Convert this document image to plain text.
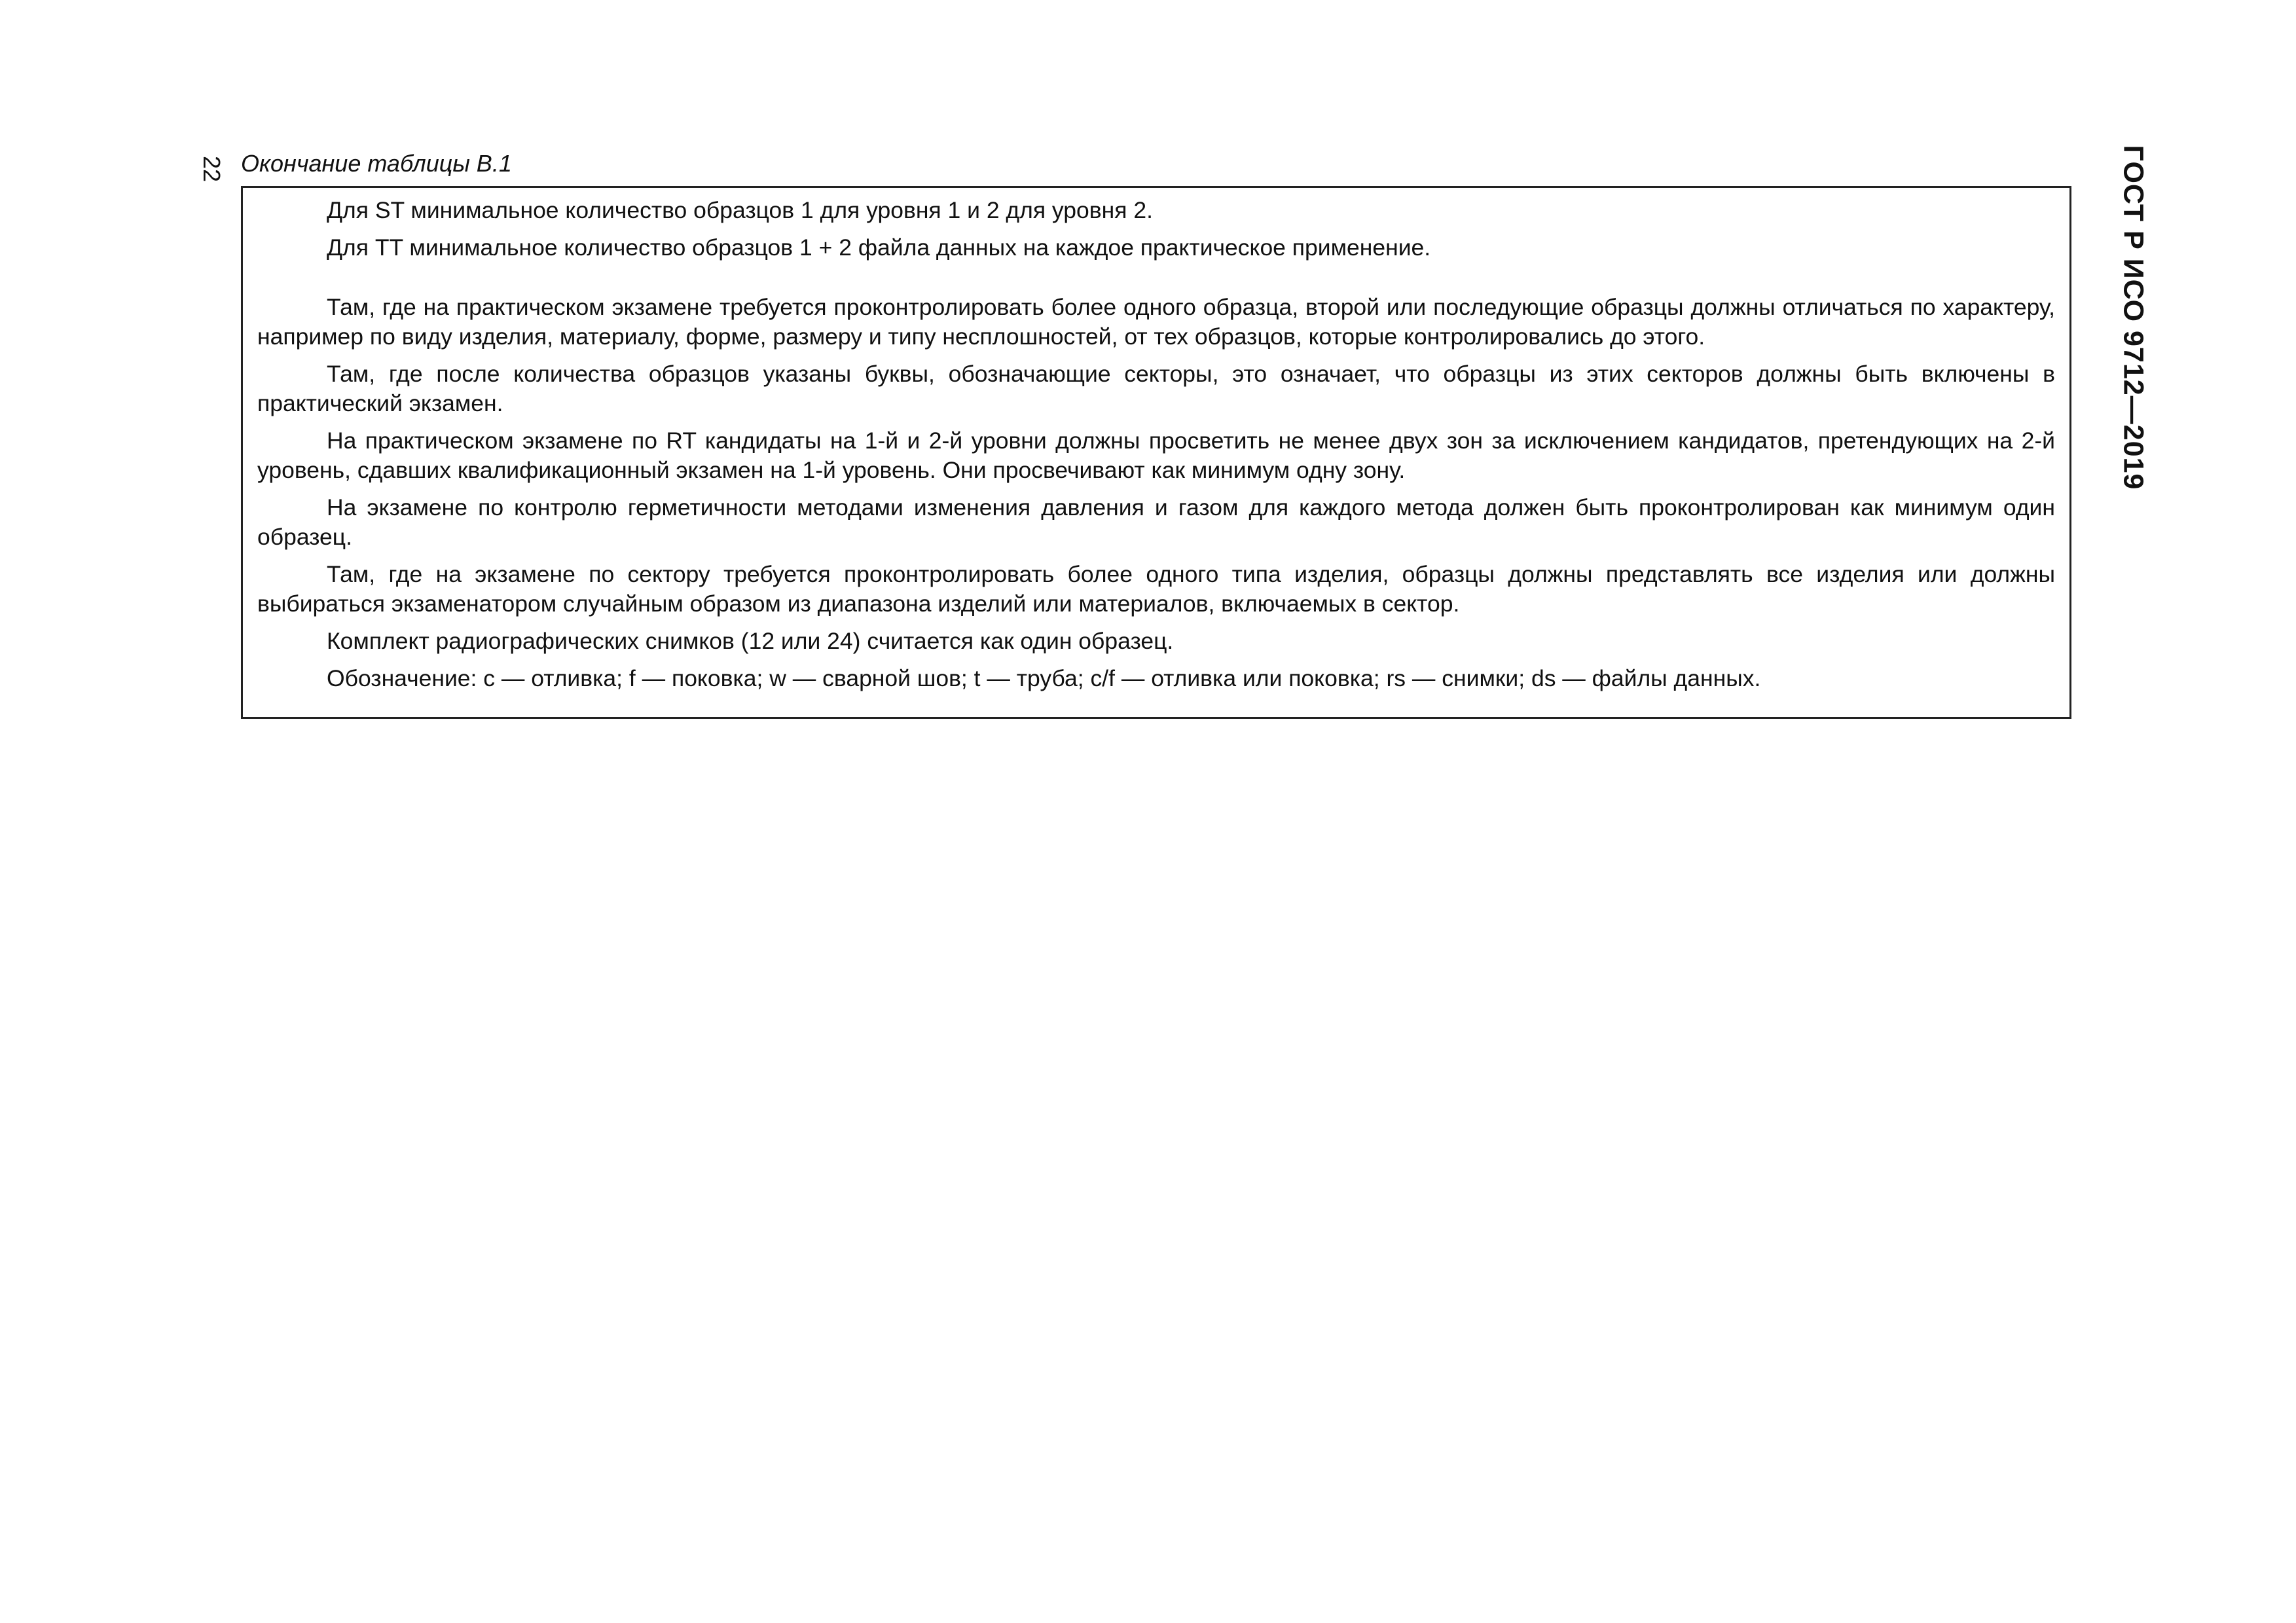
22	ГОСТ Р ИСО 9712—2019
Окончание таблицы В.1

Для ST минимальное количество образцов 1 для уровня 1 и 2 для уровня 2.

Для TT минимальное количество образцов 1 + 2 файла данных на каждое практическое применение.

Там, где на практическом экзамене требуется проконтролировать более одного образца, второй или последующие образцы должны отличаться по характеру, например по виду изделия, материалу, форме, размеру и типу несплошностей, от тех образцов, которые контролировались до этого.

Там, где после количества образцов указаны буквы, обозначающие секторы, это означает, что образцы из этих секторов должны быть включены в практический экзамен.

На практическом экзамене по RT кандидаты на 1-й и 2-й уровни должны просветить не менее двух зон за исключением кандидатов, претендующих на 2-й уровень, сдавших квалификационный экзамен на 1-й уровень. Они просвечивают как минимум одну зону.

На экзамене по контролю герметичности методами изменения давления и газом для каждого метода должен быть проконтролирован как минимум один образец.

Там, где на экзамене по сектору требуется проконтролировать более одного типа изделия, образцы должны представлять все изделия или должны выбираться экзаменатором случайным образом из диапазона изделий или материалов, включаемых в сектор.

Комплект радиографических снимков (12 или 24) считается как один образец.

Обозначение: c — отливка; f — поковка; w — сварной шов; t — труба; c/f — отливка или поковка; rs — снимки; ds — файлы данных.
